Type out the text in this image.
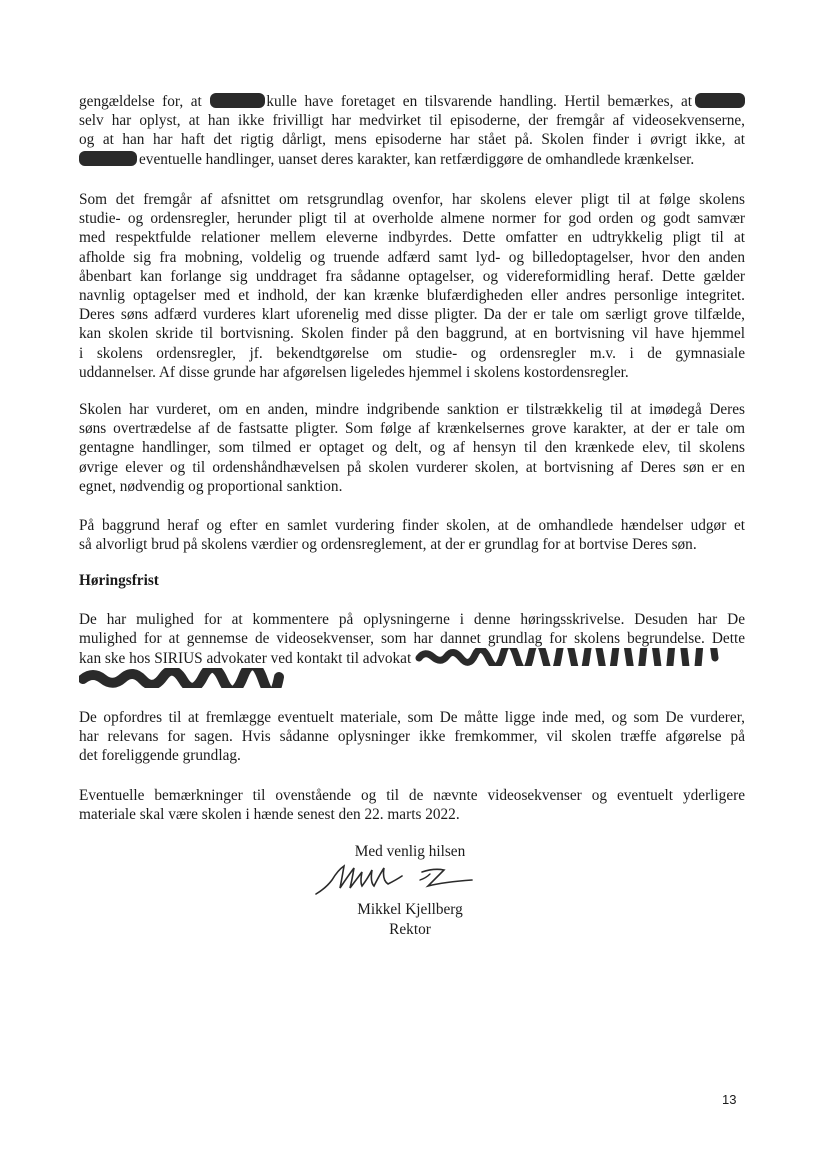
gengældelse for, at	kulle have foretaget en tilsvarende handling. Hertil bemærkes, at
selv har oplyst, at han ikke frivilligt har medvirket til episoderne, der fremgår af videosekvenserne,
og at han har haft det rigtig dårligt, mens episoderne har stået på. Skolen finder i øvrigt ikke, at
eventuelle handlinger, uanset deres karakter, kan retfærdiggøre de omhandlede krænkelser.
Som det fremgår af afsnittet om retsgrundlag ovenfor, har skolens elever pligt til at følge skolens
studie- og ordensregler, herunder pligt til at overholde almene normer for god orden og godt samvær
med respektfulde relationer mellem eleverne indbyrdes. Dette omfatter en udtrykkelig pligt til at
afholde sig fra mobning, voldelig og truende adfærd samt lyd- og billedoptagelser, hvor den anden
åbenbart kan forlange sig unddraget fra sådanne optagelser, og videreformidling heraf. Dette gælder
navnlig optagelser med et indhold, der kan krænke blufærdigheden eller andres personlige integritet.
Deres søns adfærd vurderes klart uforenelig med disse pligter. Da der er tale om særligt grove tilfælde,
kan skolen skride til bortvisning. Skolen finder på den baggrund, at en bortvisning vil have hjemmel
i skolens ordensregler, jf. bekendtgørelse om studie- og ordensregler m.v. i de gymnasiale
uddannelser. Af disse grunde har afgørelsen ligeledes hjemmel i skolens kostordensregler.
Skolen har vurderet, om en anden, mindre indgribende sanktion er tilstrækkelig til at imødegå Deres
søns overtrædelse af de fastsatte pligter. Som følge af krænkelsernes grove karakter, at der er tale om
gentagne handlinger, som tilmed er optaget og delt, og af hensyn til den krænkede elev, til skolens
øvrige elever og til ordenshåndhævelsen på skolen vurderer skolen, at bortvisning af Deres søn er en
egnet, nødvendig og proportional sanktion.
På baggrund heraf og efter en samlet vurdering finder skolen, at de omhandlede hændelser udgør et
så alvorligt brud på skolens værdier og ordensreglement, at der er grundlag for at bortvise Deres søn.
Høringsfrist
De har mulighed for at kommentere på oplysningerne i denne høringsskrivelse. Desuden har De
mulighed for at gennemse de videosekvenser, som har dannet grundlag for skolens begrundelse. Dette
kan ske hos SIRIUS advokater ved kontakt til advokat
De opfordres til at fremlægge eventuelt materiale, som De måtte ligge inde med, og som De vurderer,
har relevans for sagen. Hvis sådanne oplysninger ikke fremkommer, vil skolen træffe afgørelse på
det foreliggende grundlag.
Eventuelle bemærkninger til ovenstående og til de nævnte videosekvenser og eventuelt yderligere
materiale skal være skolen i hænde senest den 22. marts 2022.
Med venlig hilsen
Mikkel Kjellberg
Rektor
13
